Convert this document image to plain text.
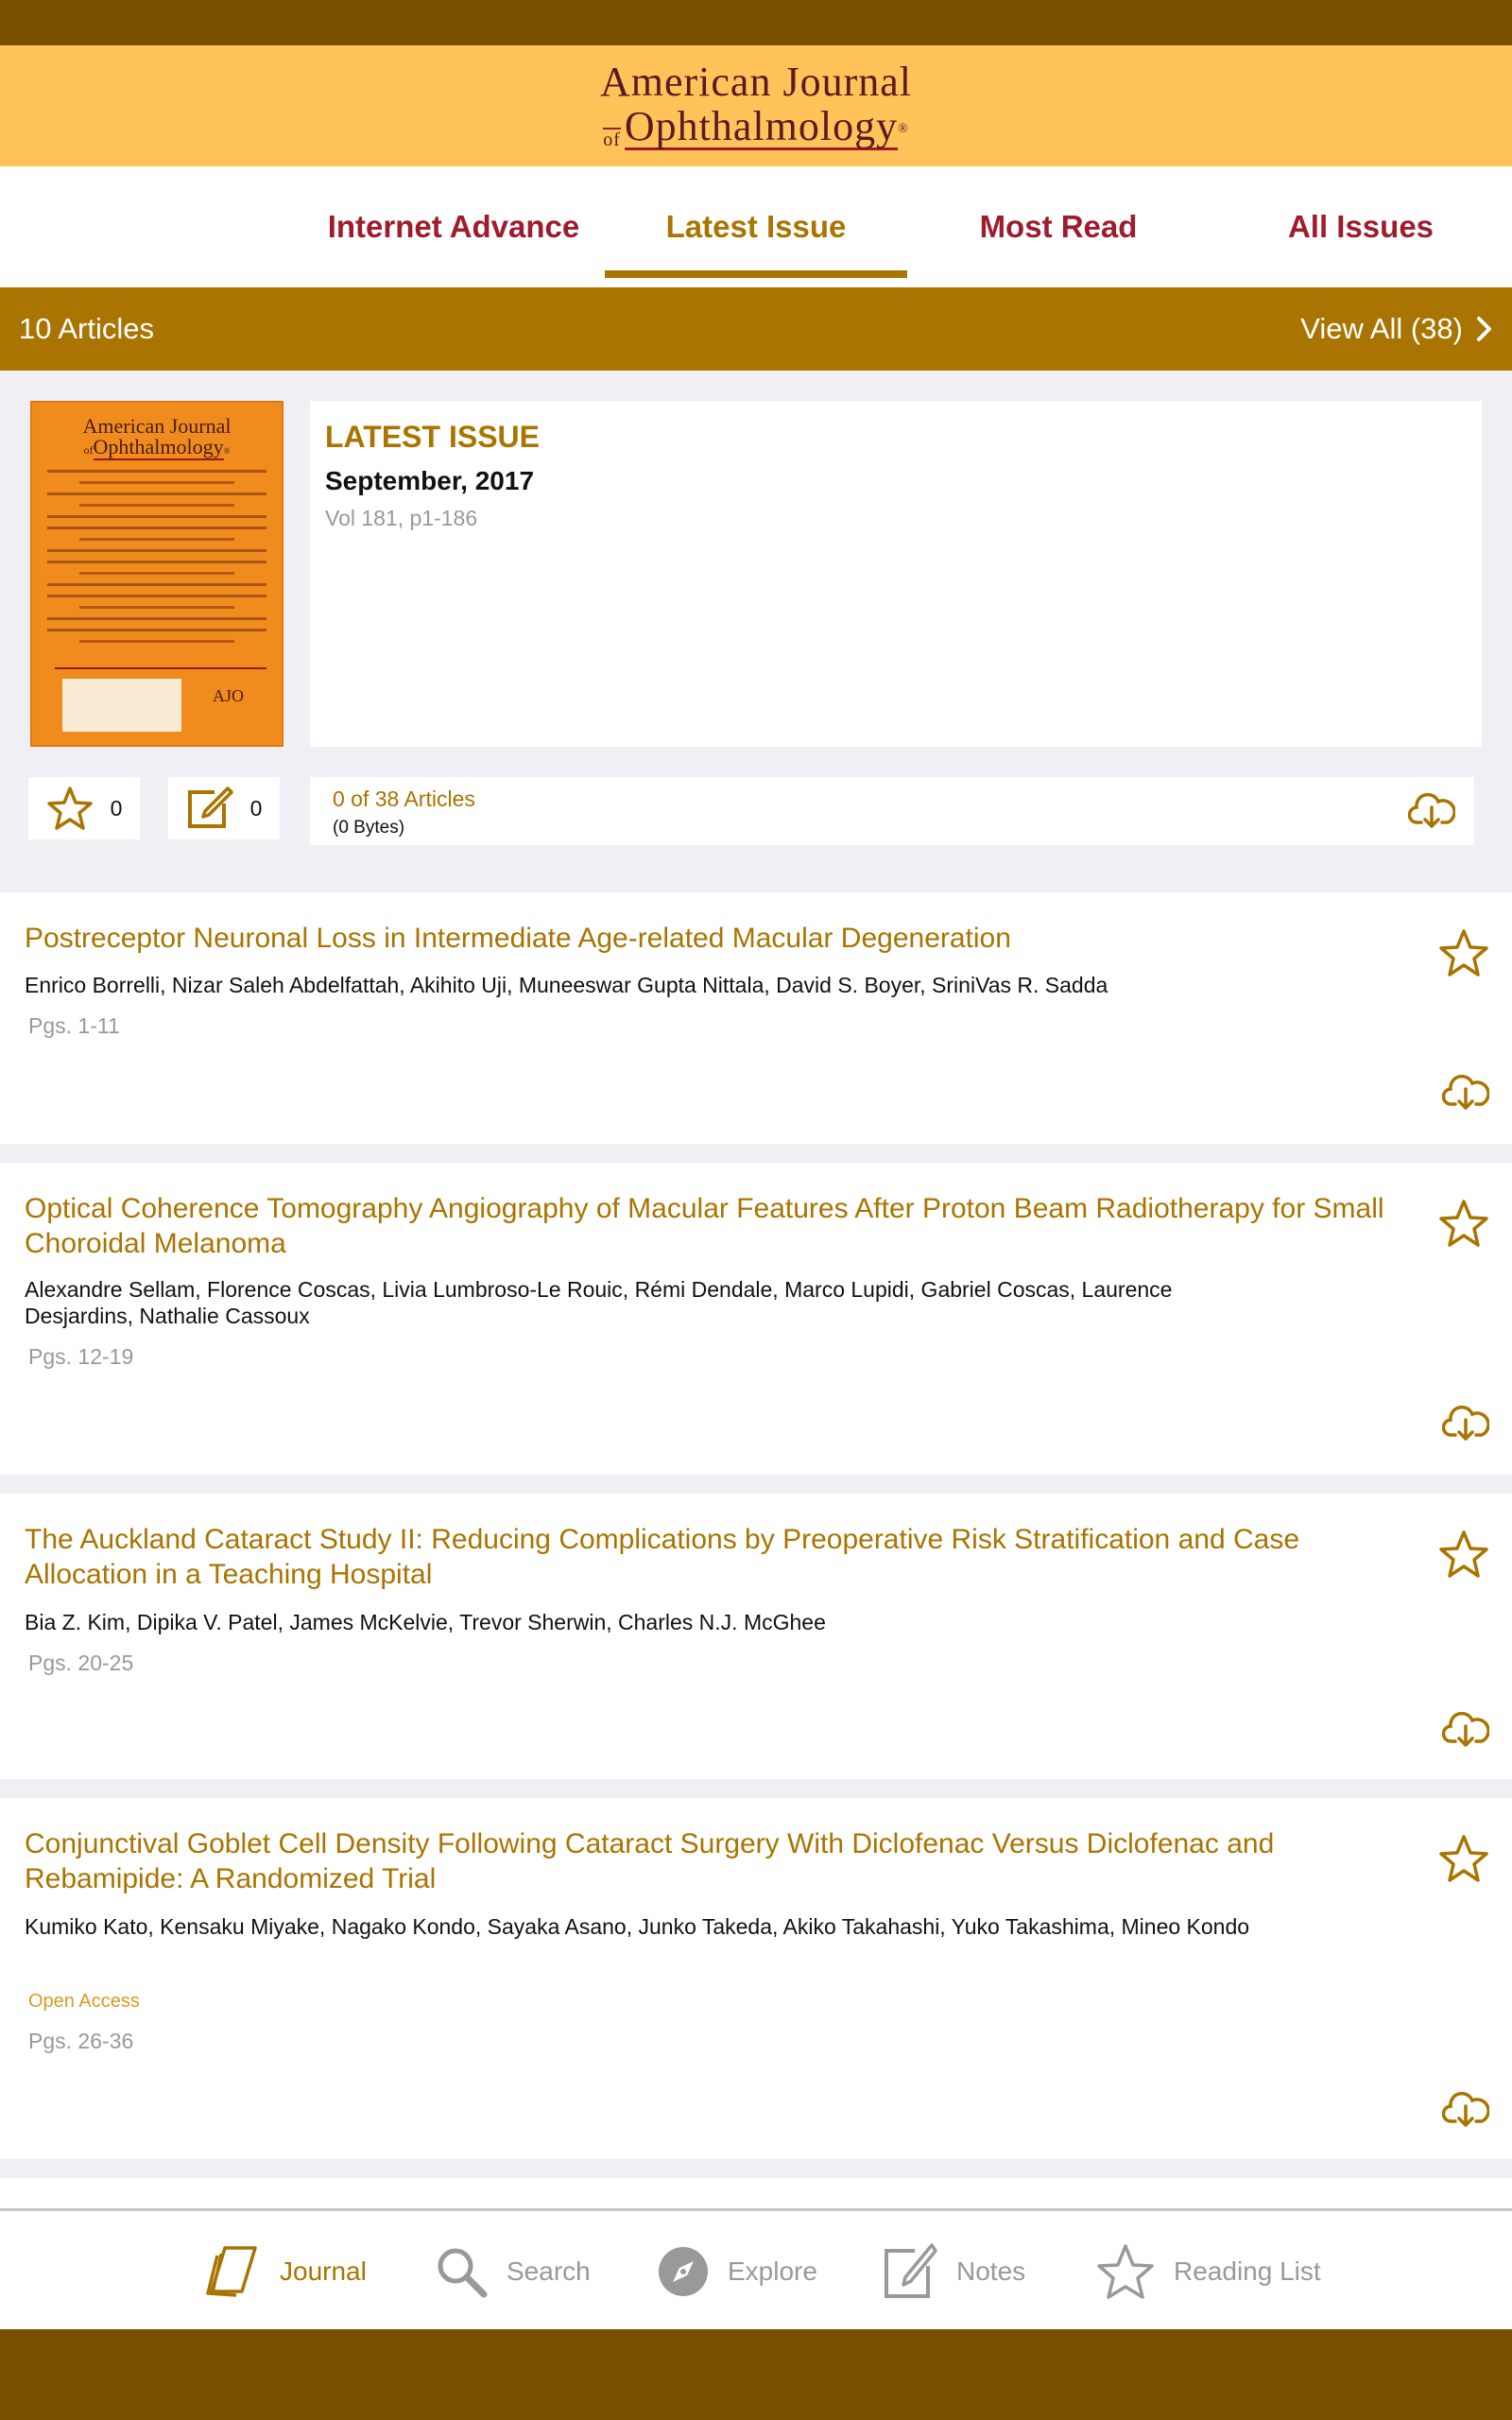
American Journal
of Ophthalmology ®
Internet Advance	Latest Issue	Most Read	All Issues
10 Articles	View All (38)
American Journal
ofOphthalmology®
AJO
LATEST ISSUE
September, 2017
Vol 181, p1-186
0	0	0 of 38 Articles
(0 Bytes)
Postreceptor Neuronal Loss in Intermediate Age-related Macular Degeneration
Enrico Borrelli, Nizar Saleh Abdelfattah, Akihito Uji, Muneeswar Gupta Nittala, David S. Boyer, SriniVas R. Sadda
Pgs. 1-11
Optical Coherence Tomography Angiography of Macular Features After Proton Beam Radiotherapy for Small Choroidal Melanoma
Alexandre Sellam, Florence Coscas, Livia Lumbroso-Le Rouic, Rémi Dendale, Marco Lupidi, Gabriel Coscas, Laurence Desjardins, Nathalie Cassoux
Pgs. 12-19
The Auckland Cataract Study II: Reducing Complications by Preoperative Risk Stratification and Case Allocation in a Teaching Hospital
Bia Z. Kim, Dipika V. Patel, James McKelvie, Trevor Sherwin, Charles N.J. McGhee
Pgs. 20-25
Conjunctival Goblet Cell Density Following Cataract Surgery With Diclofenac Versus Diclofenac and Rebamipide: A Randomized Trial
Kumiko Kato, Kensaku Miyake, Nagako Kondo, Sayaka Asano, Junko Takeda, Akiko Takahashi, Yuko Takashima, Mineo Kondo
Open Access
Pgs. 26-36
Journal	Search	Explore	Notes	Reading List
